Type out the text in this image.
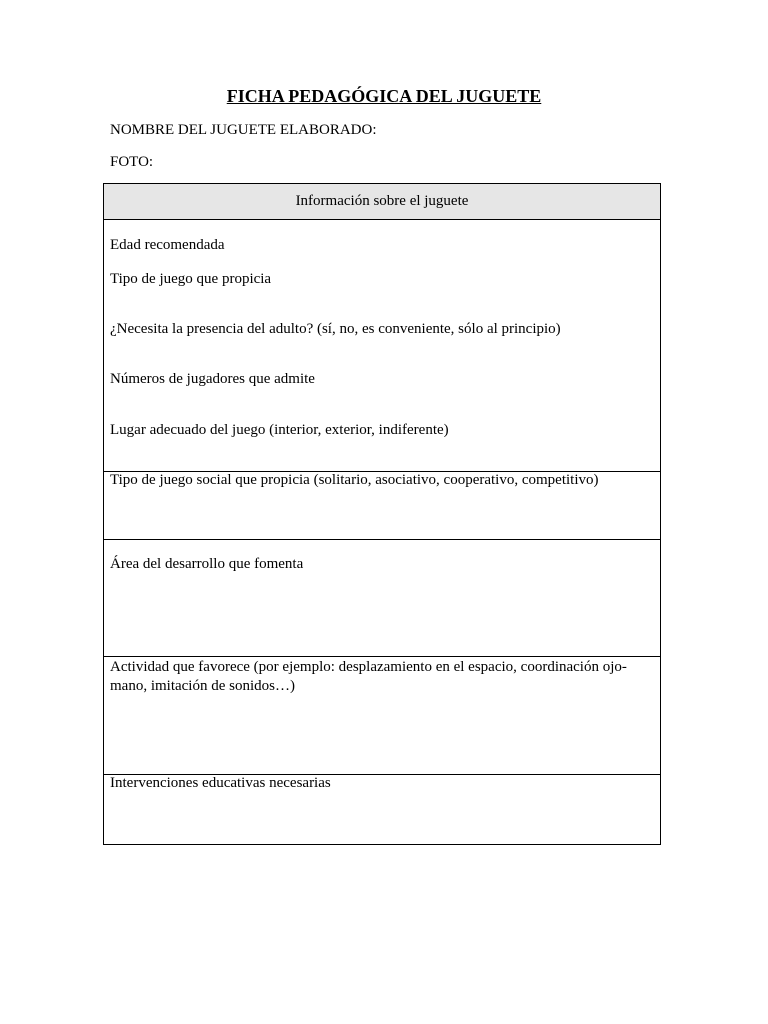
FICHA PEDAGÓGICA DEL JUGUETE
NOMBRE DEL JUGUETE ELABORADO:
FOTO:
Información sobre el juguete
Edad recomendada
Tipo de juego que propicia
¿Necesita la presencia del adulto? (sí, no, es conveniente, sólo al principio)
Números de jugadores que admite
Lugar adecuado del juego (interior, exterior, indiferente)
Tipo de juego social que propicia (solitario, asociativo, cooperativo, competitivo)
Área del desarrollo que fomenta
Actividad que favorece (por ejemplo: desplazamiento en el espacio, coordinación ojo-
mano, imitación de sonidos…)
Intervenciones educativas necesarias
